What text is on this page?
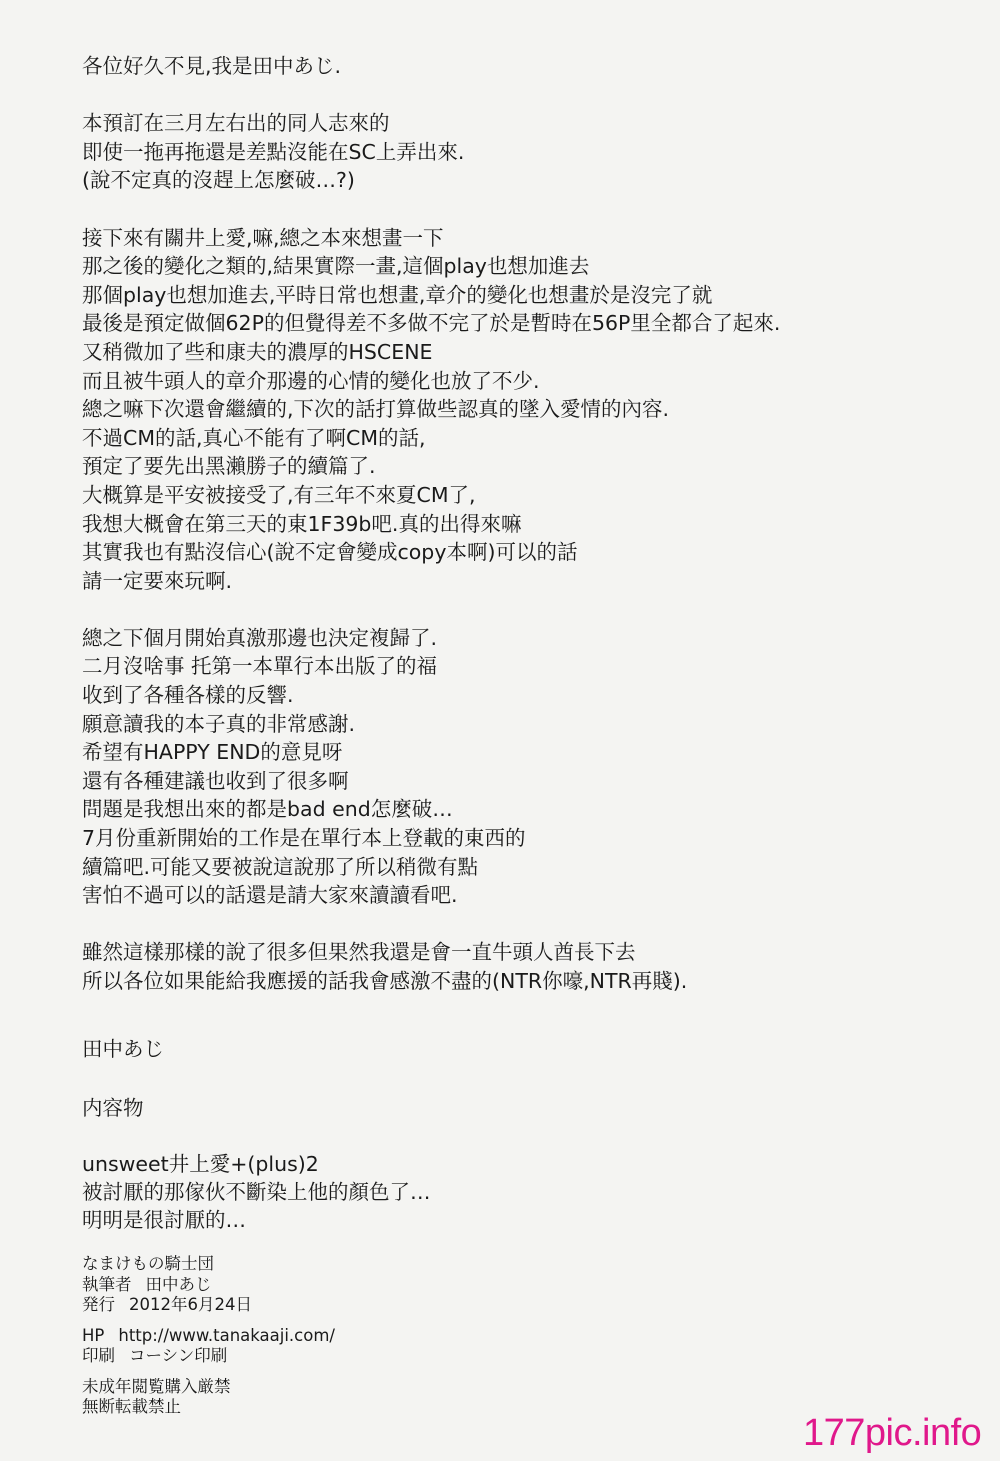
各位好久不見,我是田中あじ.

本預訂在三月左右出的同人志來的
即使一拖再拖還是差點沒能在SC上弄出來.
(說不定真的沒趕上怎麼破…?)

接下來有關井上愛,嘛,總之本來想畫一下
那之後的變化之類的,結果實際一畫,這個play也想加進去
那個play也想加進去,平時日常也想畫,章介的變化也想畫於是沒完了就
最後是預定做個62P的但覺得差不多做不完了於是暫時在56P里全都合了起來.
又稍微加了些和康夫的濃厚的HSCENE
而且被牛頭人的章介那邊的心情的變化也放了不少.
總之嘛下次還會繼續的,下次的話打算做些認真的墜入愛情的內容.
不過CM的話,真心不能有了啊CM的話,
預定了要先出黑瀨勝子的續篇了.
大概算是平安被接受了,有三年不來夏CM了,
我想大概會在第三天的東1F39b吧.真的出得來嘛
其實我也有點沒信心(說不定會變成copy本啊)可以的話
請一定要來玩啊.

總之下個月開始真激那邊也決定複歸了.
二月沒啥事 托第一本單行本出版了的福
收到了各種各樣的反響.
願意讀我的本子真的非常感謝.
希望有HAPPY END的意見呀
還有各種建議也收到了很多啊
問題是我想出來的都是bad end怎麼破…
7月份重新開始的工作是在單行本上登載的東西的
續篇吧.可能又要被說這說那了所以稍微有點
害怕不過可以的話還是請大家來讀讀看吧.

雖然這樣那樣的說了很多但果然我還是會一直牛頭人酋長下去
所以各位如果能給我應援的話我會感激不盡的(NTR你嚎,NTR再賤).

田中あじ
内容物
unsweet井上愛+(plus)2
被討厭的那傢伙不斷染上他的顏色了…
明明是很討厭的…
なまけもの騎士団
執筆者 田中あじ
発行 2012年6月24日
HP http://www.tanakaaji.com/
印刷 コーシン印刷
未成年閲覧購入厳禁
無断転載禁止
177pic.info
